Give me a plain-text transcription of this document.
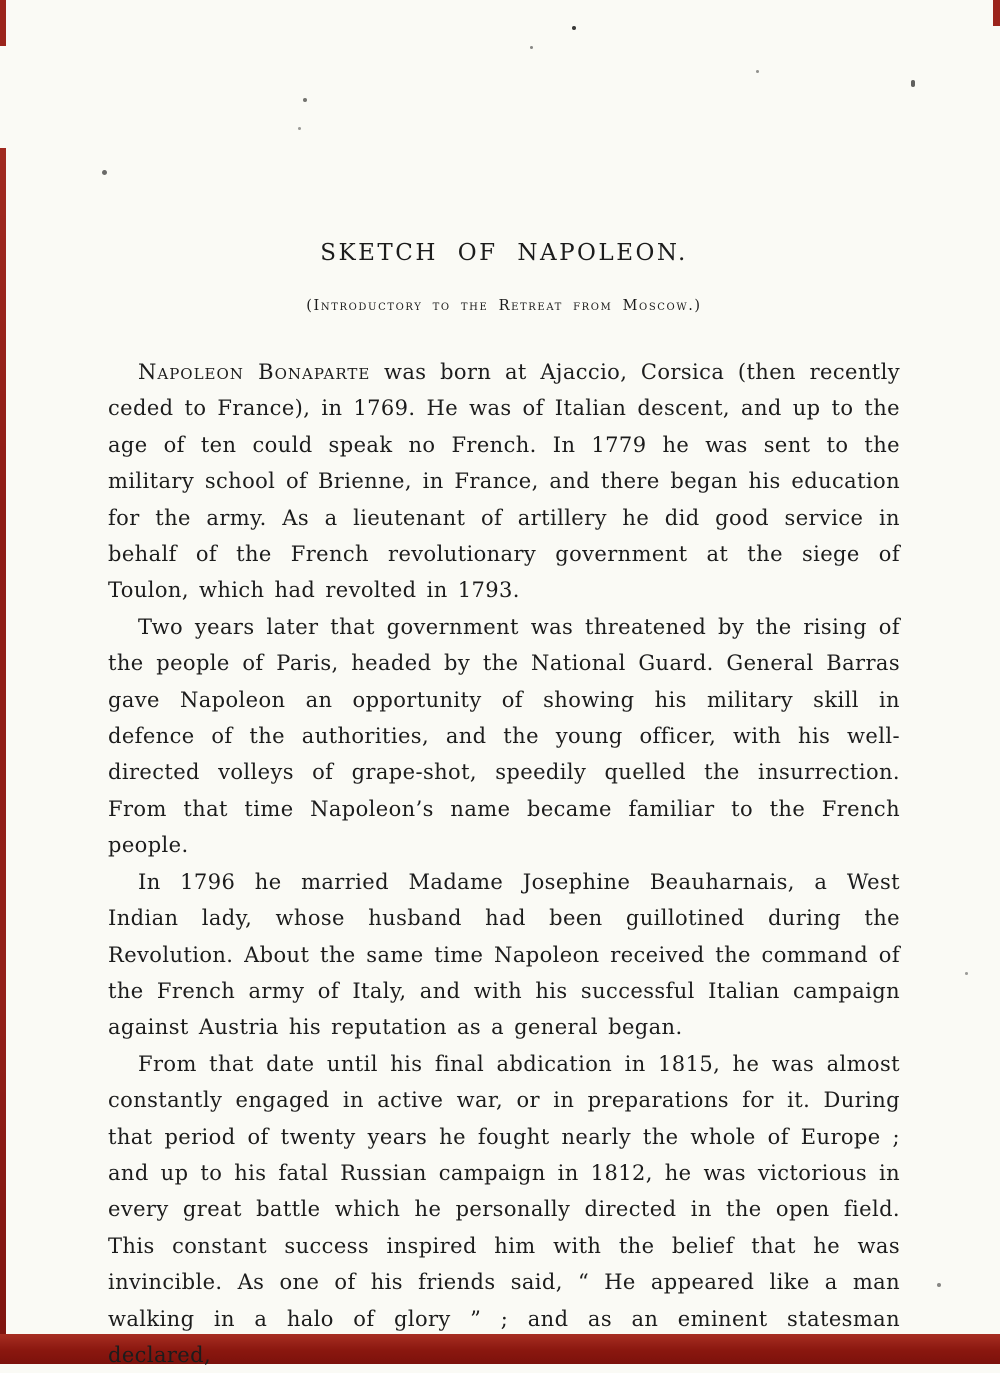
SKETCH OF NAPOLEON.
(Introductory to the Retreat from Moscow.)

Napoleon Bonaparte was born at Ajaccio, Corsica (then recently ceded to France), in 1769. He was of Italian descent, and up to the age of ten could speak no French. In 1779 he was sent to the military school of Brienne, in France, and there began his education for the army. As a lieutenant of artillery he did good service in behalf of the French revolutionary government at the siege of Toulon, which had revolted in 1793.

Two years later that government was threatened by the rising of the people of Paris, headed by the National Guard. General Barras gave Napoleon an opportunity of showing his military skill in defence of the authorities, and the young officer, with his well-directed volleys of grape-shot, speedily quelled the insurrection. From that time Napoleon’s name became familiar to the French people.

In 1796 he married Madame Josephine Beauharnais, a West Indian lady, whose husband had been guillotined during the Revolution. About the same time Napoleon received the command of the French army of Italy, and with his successful Italian campaign against Austria his reputation as a general began.

From that date until his final abdication in 1815, he was almost constantly engaged in active war, or in preparations for it. During that period of twenty years he fought nearly the whole of Europe ; and up to his fatal Russian campaign in 1812, he was victorious in every great battle which he personally directed in the open field. This constant success inspired him with the belief that he was invincible. As one of his friends said, “ He appeared like a man walking in a halo of glory ” ; and as an eminent statesman declared,
